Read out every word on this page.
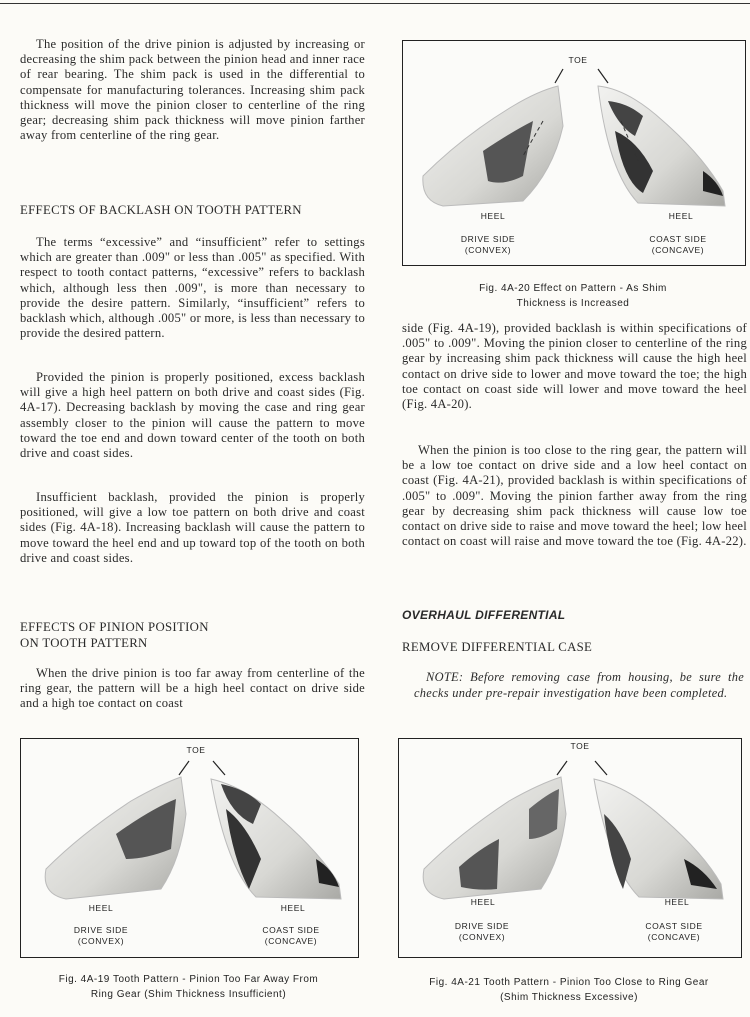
The position of the drive pinion is adjusted by increasing or decreasing the shim pack between the pinion head and inner race of rear bearing. The shim pack is used in the differential to compensate for manufacturing tolerances. Increasing shim pack thickness will move the pinion closer to centerline of the ring gear; decreasing shim pack thickness will move pinion farther away from centerline of the ring gear.

EFFECTS OF BACKLASH ON TOOTH PATTERN

The terms “excessive” and “insufficient” refer to settings which are greater than .009" or less than .005" as specified. With respect to tooth contact patterns, “excessive” refers to backlash which, although less then .009", is more than necessary to provide the desire pattern. Similarly, “insufficient” refers to backlash which, although .005" or more, is less than necessary to provide the desired pattern.

Provided the pinion is properly positioned, excess backlash will give a high heel pattern on both drive and coast sides (Fig. 4A-17). Decreasing backlash by moving the case and ring gear assembly closer to the pinion will cause the pattern to move toward the toe end and down toward center of the tooth on both drive and coast sides.

Insufficient backlash, provided the pinion is properly positioned, will give a low toe pattern on both drive and coast sides (Fig. 4A-18). Increasing backlash will cause the pattern to move toward the heel end and up toward top of the tooth on both drive and coast sides.

EFFECTS OF PINION POSITION
ON TOOTH PATTERN

When the drive pinion is too far away from centerline of the ring gear, the pattern will be a high heel contact on drive side and a high toe contact on coast

side (Fig. 4A-19), provided backlash is within specifications of .005" to .009". Moving the pinion closer to centerline of the ring gear by increasing shim pack thickness will cause the high heel contact on drive side to lower and move toward the toe; the high toe contact on coast side will lower and move toward the heel (Fig. 4A-20).

When the pinion is too close to the ring gear, the pattern will be a low toe contact on drive side and a low heel contact on coast (Fig. 4A-21), provided backlash is within specifications of .005" to .009". Moving the pinion farther away from the ring gear by decreasing shim pack thickness will cause low toe contact on drive side to raise and move toward the heel; low heel contact on coast will raise and move toward the toe (Fig. 4A-22).

OVERHAUL DIFFERENTIAL
REMOVE DIFFERENTIAL CASE

NOTE: Before removing case from housing, be sure the checks under pre-repair investigation have been completed.

TOE
HEEL	HEEL
DRIVE SIDE
(CONVEX)
COAST SIDE
(CONCAVE)
Fig. 4A-20 Effect on Pattern - As Shim
Thickness is Increased
TOE
HEEL	HEEL
DRIVE SIDE
(CONVEX)
COAST SIDE
(CONCAVE)
Fig. 4A-19 Tooth Pattern - Pinion Too Far Away From
Ring Gear (Shim Thickness Insufficient)
TOE
HEEL	HEEL
DRIVE SIDE
(CONVEX)
COAST SIDE
(CONCAVE)
Fig. 4A-21 Tooth Pattern - Pinion Too Close to Ring Gear
(Shim Thickness Excessive)
